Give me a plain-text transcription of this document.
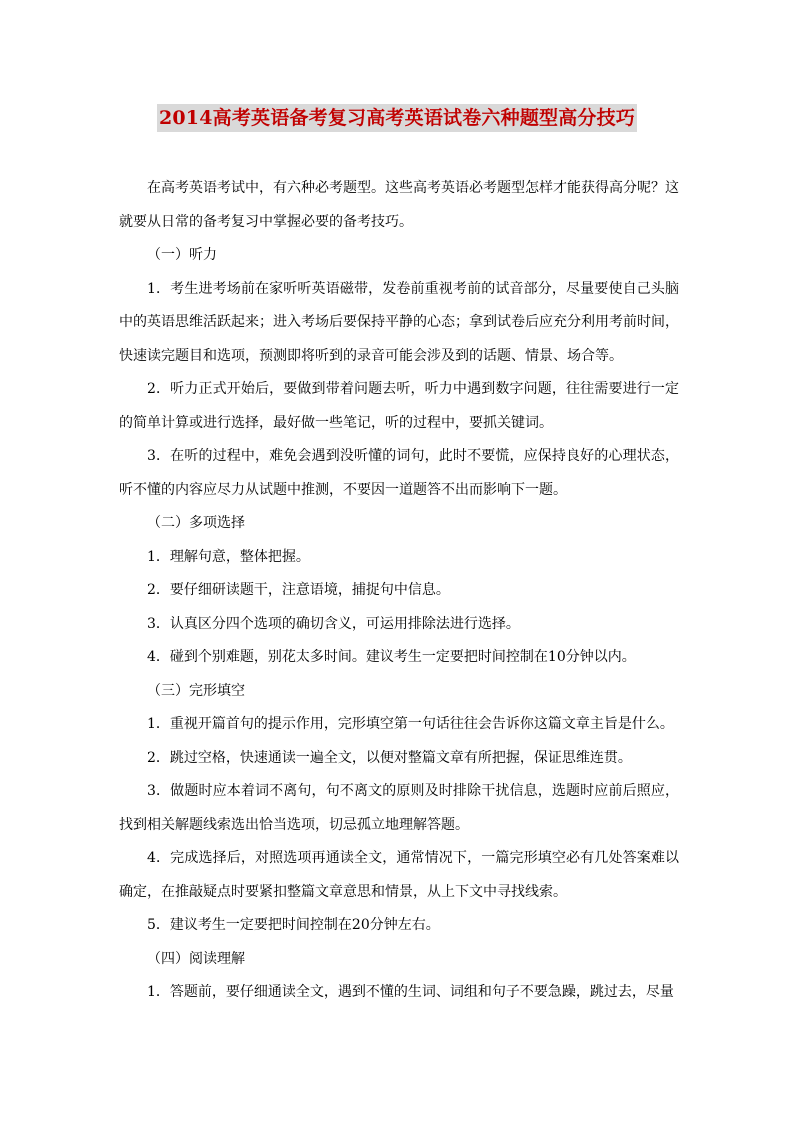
2014高考英语备考复习高考英语试卷六种题型高分技巧

在高考英语考试中，有六种必考题型。这些高考英语必考题型怎样才能获得高分呢？这就要从日常的备考复习中掌握必要的备考技巧。

（一）听力

1．考生进考场前在家听听英语磁带，发卷前重视考前的试音部分，尽量要使自己头脑中的英语思维活跃起来；进入考场后要保持平静的心态；拿到试卷后应充分利用考前时间，快速读完题目和选项，预测即将听到的录音可能会涉及到的话题、情景、场合等。

2．听力正式开始后，要做到带着问题去听，听力中遇到数字问题，往往需要进行一定的简单计算或进行选择，最好做一些笔记，听的过程中，要抓关键词。

3．在听的过程中，难免会遇到没听懂的词句，此时不要慌，应保持良好的心理状态，听不懂的内容应尽力从试题中推测，不要因一道题答不出而影响下一题。

（二）多项选择

1．理解句意，整体把握。

2．要仔细研读题干，注意语境，捕捉句中信息。

3．认真区分四个选项的确切含义，可运用排除法进行选择。

4．碰到个别难题，别花太多时间。建议考生一定要把时间控制在10分钟以内。

（三）完形填空

1．重视开篇首句的提示作用，完形填空第一句话往往会告诉你这篇文章主旨是什么。

2．跳过空格，快速通读一遍全文，以便对整篇文章有所把握，保证思维连贯。

3．做题时应本着词不离句，句不离文的原则及时排除干扰信息，选题时应前后照应，找到相关解题线索选出恰当选项，切忌孤立地理解答题。

4．完成选择后，对照选项再通读全文，通常情况下，一篇完形填空必有几处答案难以确定，在推敲疑点时要紧扣整篇文章意思和情景，从上下文中寻找线索。

5．建议考生一定要把时间控制在20分钟左右。

（四）阅读理解

1．答题前，要仔细通读全文，遇到不懂的生词、词组和句子不要急躁，跳过去，尽量
